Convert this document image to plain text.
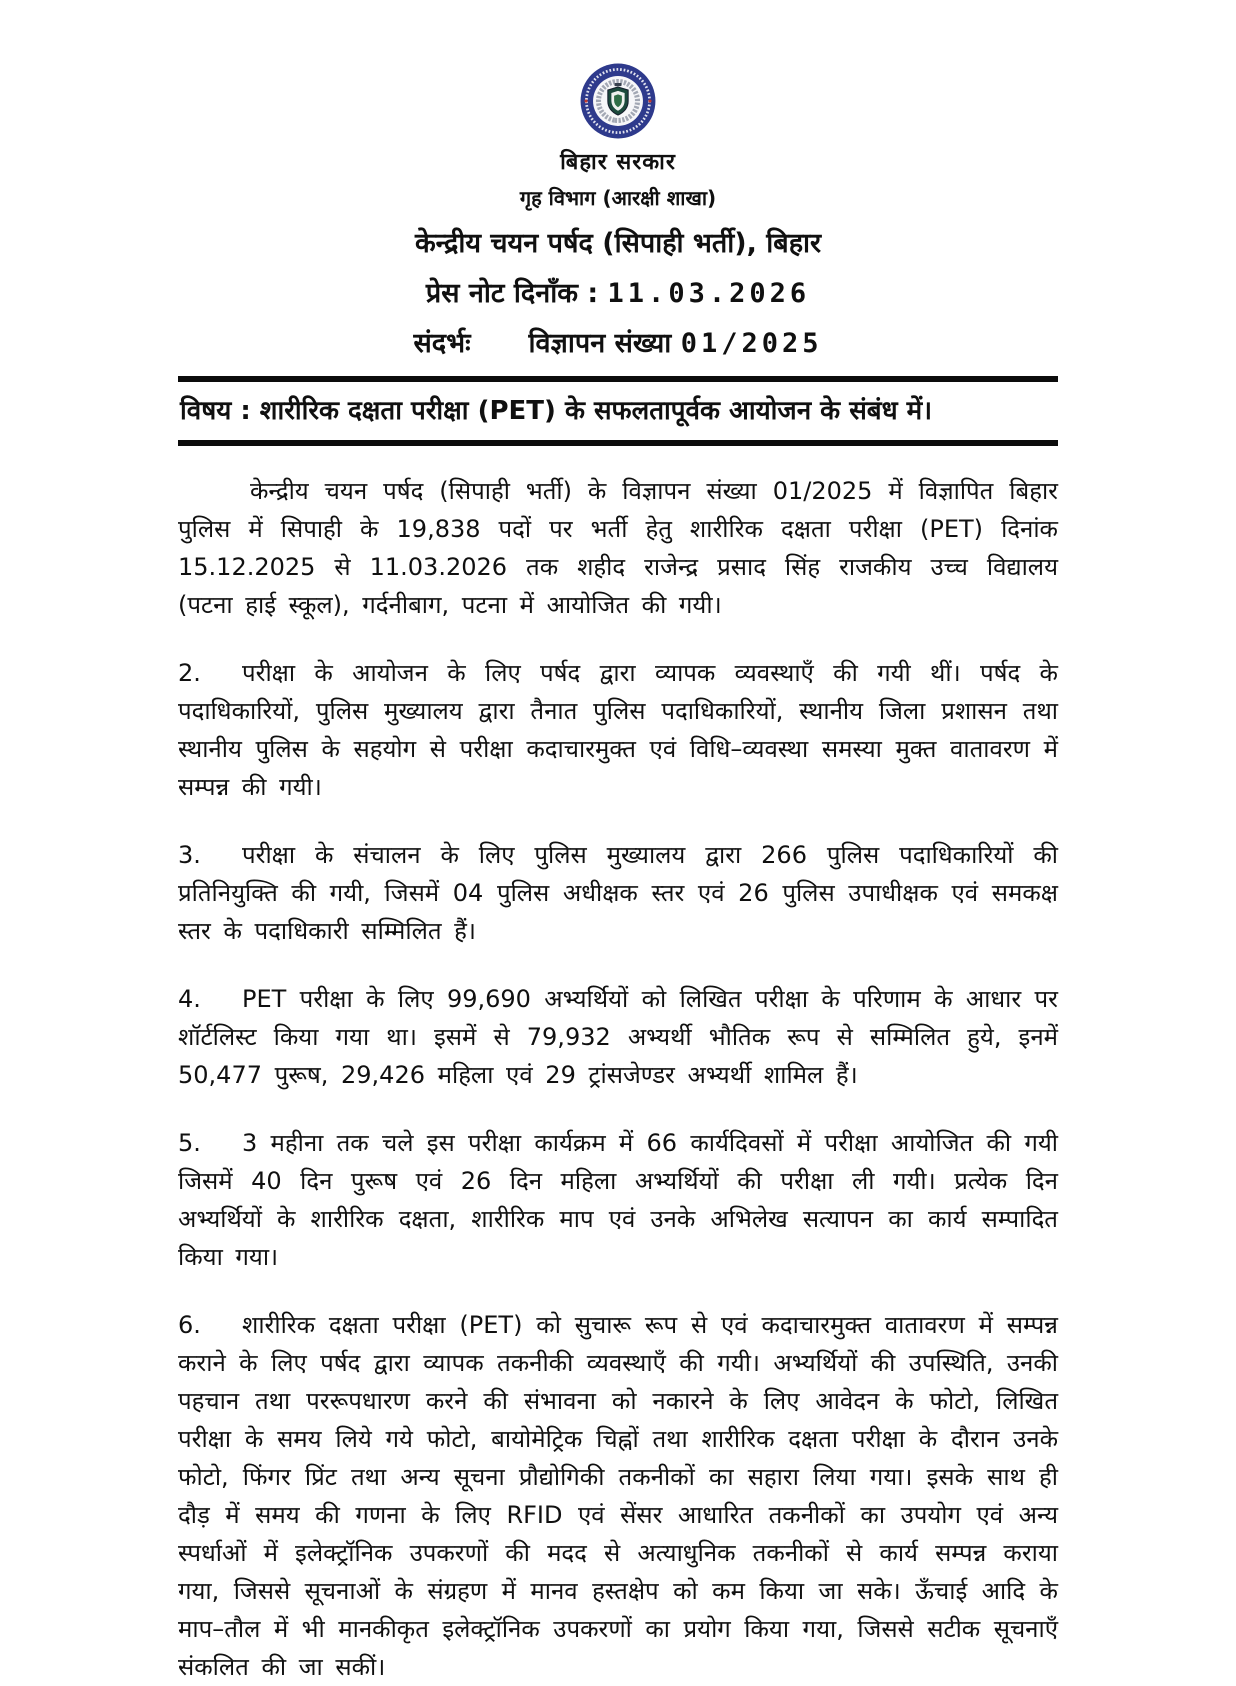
बिहार सरकार
गृह विभाग (आरक्षी शाखा)
केन्द्रीय चयन पर्षद (सिपाही भर्ती), बिहार
प्रेस नोट दिनाँक : 11.03.2026
संदर्भः विज्ञापन संख्या 01/2025
विषय : शारीरिक दक्षता परीक्षा (PET) के सफलतापूर्वक आयोजन के संबंध में।

केन्द्रीय चयन पर्षद (सिपाही भर्ती) के विज्ञापन संख्या 01/2025 में विज्ञापित बिहार पुलिस में सिपाही के 19,838 पदों पर भर्ती हेतु शारीरिक दक्षता परीक्षा (PET) दिनांक 15.12.2025 से 11.03.2026 तक शहीद राजेन्द्र प्रसाद सिंह राजकीय उच्च विद्यालय (पटना हाई स्कूल), गर्दनीबाग, पटना में आयोजित की गयी।

2. परीक्षा के आयोजन के लिए पर्षद द्वारा व्यापक व्यवस्थाएँ की गयी थीं। पर्षद के पदाधिकारियों, पुलिस मुख्यालय द्वारा तैनात पुलिस पदाधिकारियों, स्थानीय जिला प्रशासन तथा स्थानीय पुलिस के सहयोग से परीक्षा कदाचारमुक्त एवं विधि–व्यवस्था समस्या मुक्त वातावरण में सम्पन्न की गयी।

3. परीक्षा के संचालन के लिए पुलिस मुख्यालय द्वारा 266 पुलिस पदाधिकारियों की प्रतिनियुक्ति की गयी, जिसमें 04 पुलिस अधीक्षक स्तर एवं 26 पुलिस उपाधीक्षक एवं समकक्ष स्तर के पदाधिकारी सम्मिलित हैं।

4. PET परीक्षा के लिए 99,690 अभ्यर्थियों को लिखित परीक्षा के परिणाम के आधार पर शॉर्टलिस्ट किया गया था। इसमें से 79,932 अभ्यर्थी भौतिक रूप से सम्मिलित हुये, इनमें 50,477 पुरूष, 29,426 महिला एवं 29 ट्रांसजेण्डर अभ्यर्थी शामिल हैं।

5. 3 महीना तक चले इस परीक्षा कार्यक्रम में 66 कार्यदिवसों में परीक्षा आयोजित की गयी जिसमें 40 दिन पुरूष एवं 26 दिन महिला अभ्यर्थियों की परीक्षा ली गयी। प्रत्येक दिन अभ्यर्थियों के शारीरिक दक्षता, शारीरिक माप एवं उनके अभिलेख सत्यापन का कार्य सम्पादित किया गया।

6. शारीरिक दक्षता परीक्षा (PET) को सुचारू रूप से एवं कदाचारमुक्त वातावरण में सम्पन्न कराने के लिए पर्षद द्वारा व्यापक तकनीकी व्यवस्थाएँ की गयी। अभ्यर्थियों की उपस्थिति, उनकी पहचान तथा पररूपधारण करने की संभावना को नकारने के लिए आवेदन के फोटो, लिखित परीक्षा के समय लिये गये फोटो, बायोमेट्रिक चिह्नों तथा शारीरिक दक्षता परीक्षा के दौरान उनके फोटो, फिंगर प्रिंट तथा अन्य सूचना प्रौद्योगिकी तकनीकों का सहारा लिया गया। इसके साथ ही दौड़ में समय की गणना के लिए RFID एवं सेंसर आधारित तकनीकों का उपयोग एवं अन्य स्पर्धाओं में इलेक्ट्रॉनिक उपकरणों की मदद से अत्याधुनिक तकनीकों से कार्य सम्पन्न कराया गया, जिससे सूचनाओं के संग्रहण में मानव हस्तक्षेप को कम किया जा सके। ऊँचाई आदि के माप–तौल में भी मानकीकृत इलेक्ट्रॉनिक उपकरणों का प्रयोग किया गया, जिससे सटीक सूचनाएँ संकलित की जा सकीं।
